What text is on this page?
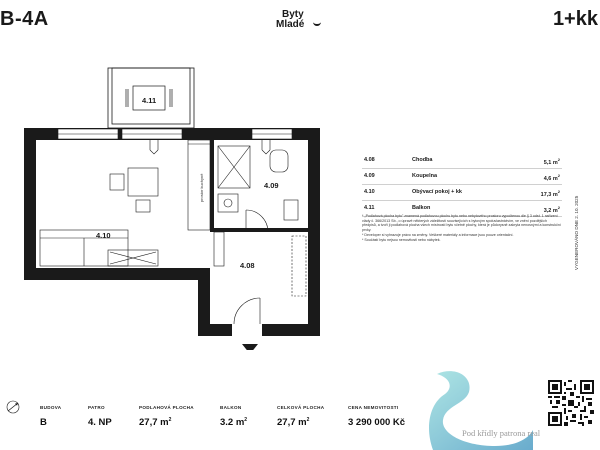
B-4A	Byty
Mladé	1+kk
prostor kuchyně
4.11
4.10
4.09
4.08
4.08	Chodba	5,1 $m^2$
4.09	Koupelna	4,6 $m^2$
4.10	Obývací pokoj + kk	17,3 $m^2$
4.11	Balkon	3,2 $m^2$

* „Podlahová plocha bytu" znamená podlahovou plochu bytu nebo nebytového prostoru vypočtenou dle § 3 odst. 1 nařízení vlády č. 366/2013 Sb., o úpravě některých záležitostí souvisejících s bytovým spoluvlastnictvím, ve znění pozdějších předpisů, a tvoří ji podlahová plocha všech místností bytu včetně plochy, která je půdorysně zakryta nenosnými a konstrukční prvky.

* Developer si vyhrazuje právo na změny. Veškeré materiály a informace jsou pouze orientační.

* Součástí bytu nejsou nemovitosti nebo nábytek.	VYGENEROVÁNO DNE 2. 10. 2025
BUDOVA
B
PATRO
4. NP
PODLAHOVÁ PLOCHA
27,7 $m^2$
BALKON
3.2 $m^2$
CELKOVÁ PLOCHA
27,7 $m^2$
CENA NEMOVITOSTI
3 290 000 Kč
Pod křídly patrona real
